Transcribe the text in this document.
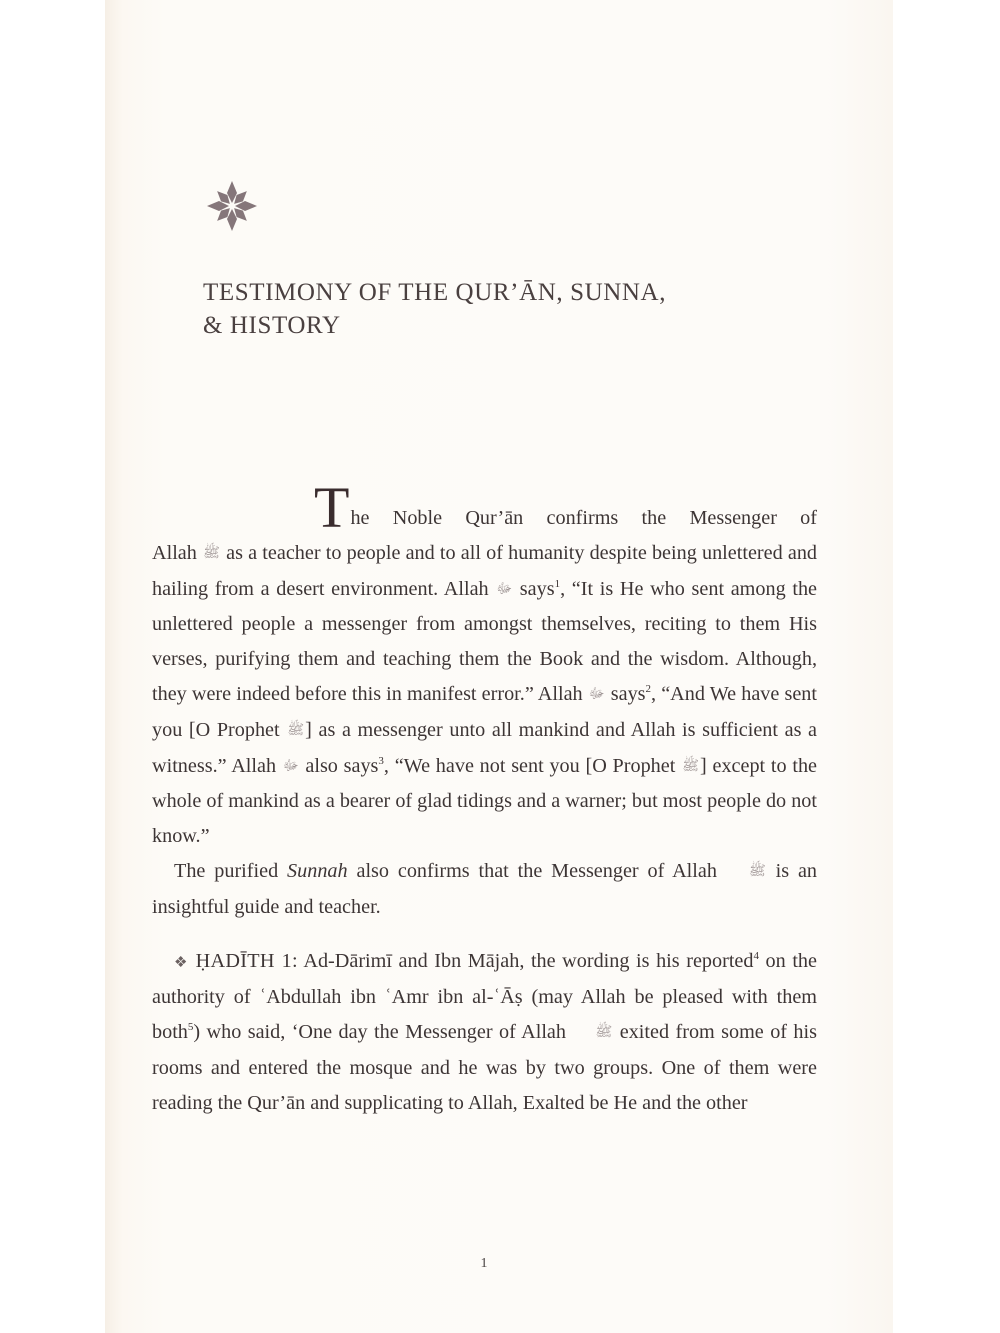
TESTIMONY OF THE QUR’ĀN, SUNNA,
& HISTORY

The Noble Qur’ān confirms the Messenger of
Allah ﷺ as a teacher to people and to all of humanity despite being unlettered and hailing from a desert environment. Allah ﷻ says$^1$, “It is He who sent among the unlettered people a messenger from amongst themselves, reciting to them His verses, purifying them and teaching them the Book and the wisdom. Although, they were indeed before this in manifest error.” Allah ﷻ says$^2$, “And We have sent you [O Prophet ﷺ] as a messenger unto all mankind and Allah is sufficient as a witness.” Allah ﷻ also says$^3$, “We have not sent you [O Prophet ﷺ] except to the whole of mankind as a bearer of glad tidings and a warner; but most people do not know.”

The purified Sunnah also confirms that the Messenger of Allah ﷺ is an insightful guide and teacher.

❖ ḤADĪTH 1: Ad-Dārimī and Ibn Mājah, the wording is his reported$^4$ on the authority of ʿAbdullah ibn ʿAmr ibn al-ʿĀṣ (may Allah be pleased with them both$^5$) who said, ‘One day the Messenger of Allah ﷺ exited from some of his rooms and entered the mosque and he was by two groups. One of them were reading the Qur’ān and supplicating to Allah, Exalted be He and the other

1
